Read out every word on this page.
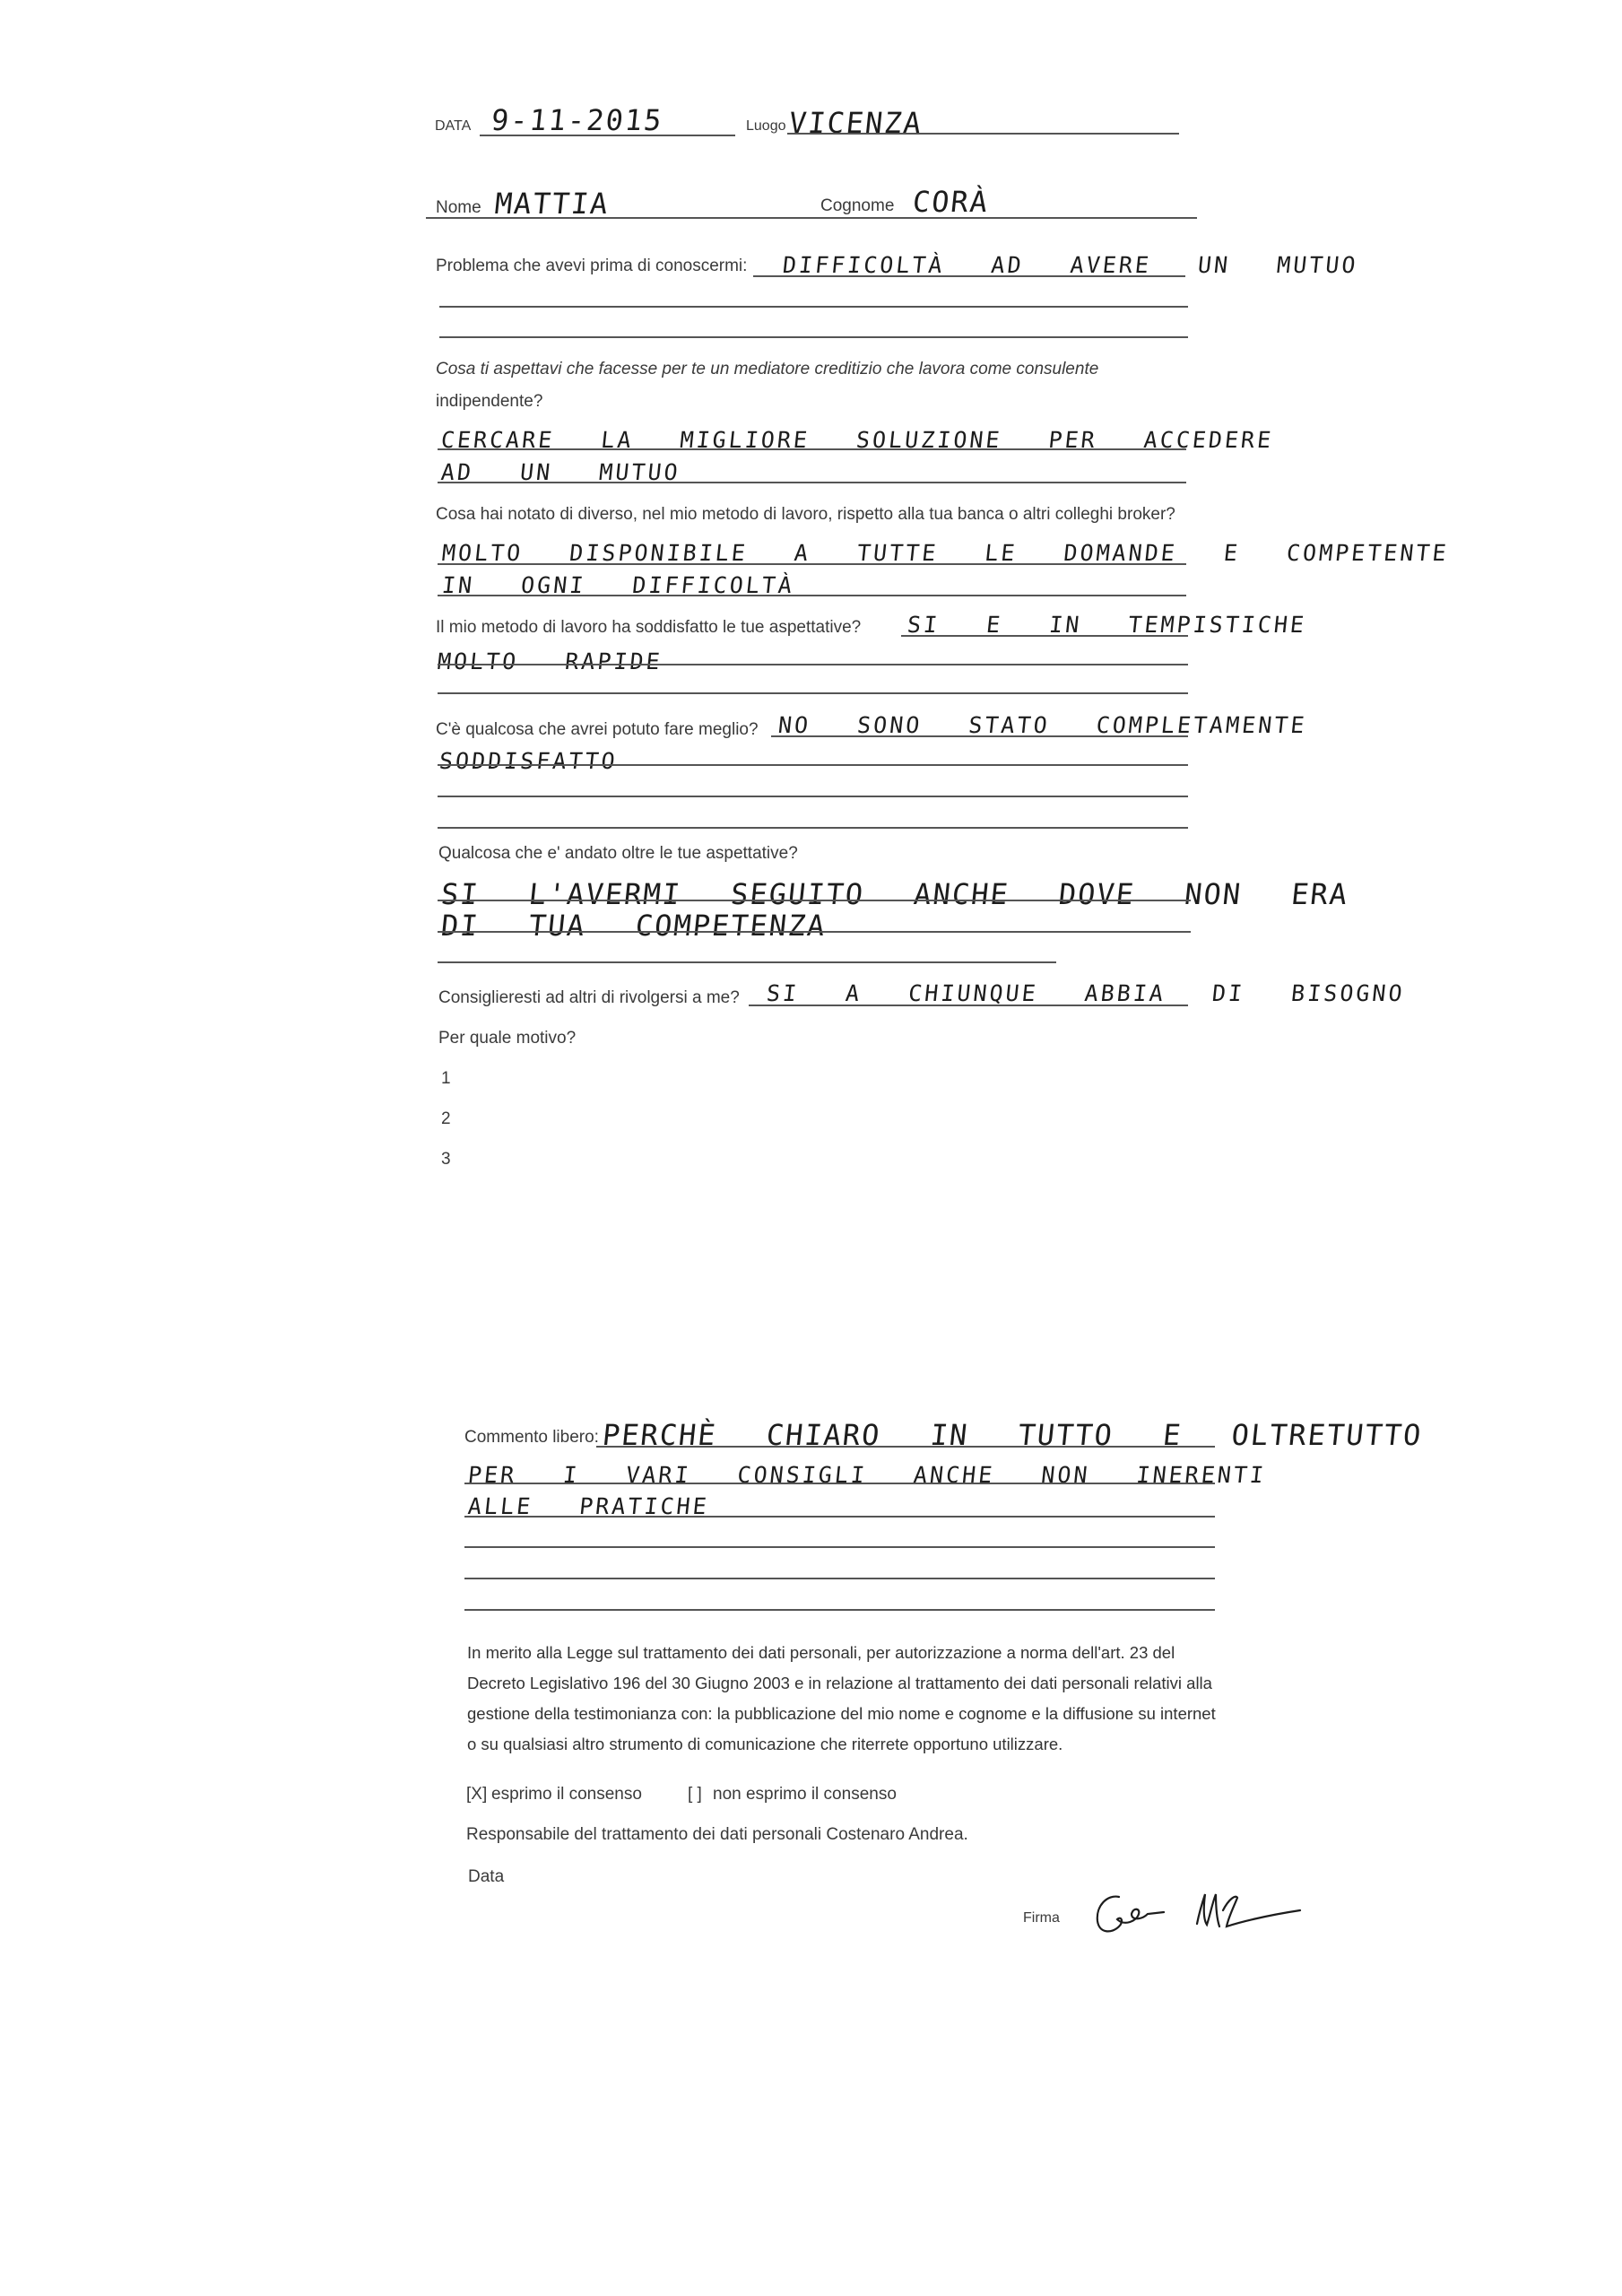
DATA 9-11-2015	Luogo VICENZA
Nome MATTIA	Cognome CORÀ
Problema che avevi prima di conoscermi: DIFFICOLTÀ AD AVERE UN MUTUO
Cosa ti aspettavi che facesse per te un mediatore creditizio che lavora come consulente
indipendente?
CERCARE LA MIGLIORE SOLUZIONE PER ACCEDERE
AD UN MUTUO
Cosa hai notato di diverso, nel mio metodo di lavoro, rispetto alla tua banca o altri colleghi broker?
MOLTO DISPONIBILE A TUTTE LE DOMANDE E COMPETENTE
IN OGNI DIFFICOLTÀ
Il mio metodo di lavoro ha soddisfatto le tue aspettative? SI E IN TEMPISTICHE
MOLTO RAPIDE
C'è qualcosa che avrei potuto fare meglio? NO SONO STATO COMPLETAMENTE
SODDISFATTO
Qualcosa che e' andato oltre le tue aspettative?
SI L'AVERMI SEGUITO ANCHE DOVE NON ERA
DI TUA COMPETENZA
Consiglieresti ad altri di rivolgersi a me? SI A CHIUNQUE ABBIA DI BISOGNO
Per quale motivo?
1
2
3
Commento libero: PERCHÈ CHIARO IN TUTTO E OLTRETUTTO
PER I VARI CONSIGLI ANCHE NON INERENTI
ALLE PRATICHE
In merito alla Legge sul trattamento dei dati personali, per autorizzazione a norma dell'art. 23 del Decreto Legislativo 196 del 30 Giugno 2003 e in relazione al trattamento dei dati personali relativi alla gestione della testimonianza con: la pubblicazione del mio nome e cognome e la diffusione su internet o su qualsiasi altro strumento di comunicazione che riterrete opportuno utilizzare.
[X] esprimo il consenso	[ ] non esprimo il consenso
Responsabile del trattamento dei dati personali Costenaro Andrea.
Data
Firma
